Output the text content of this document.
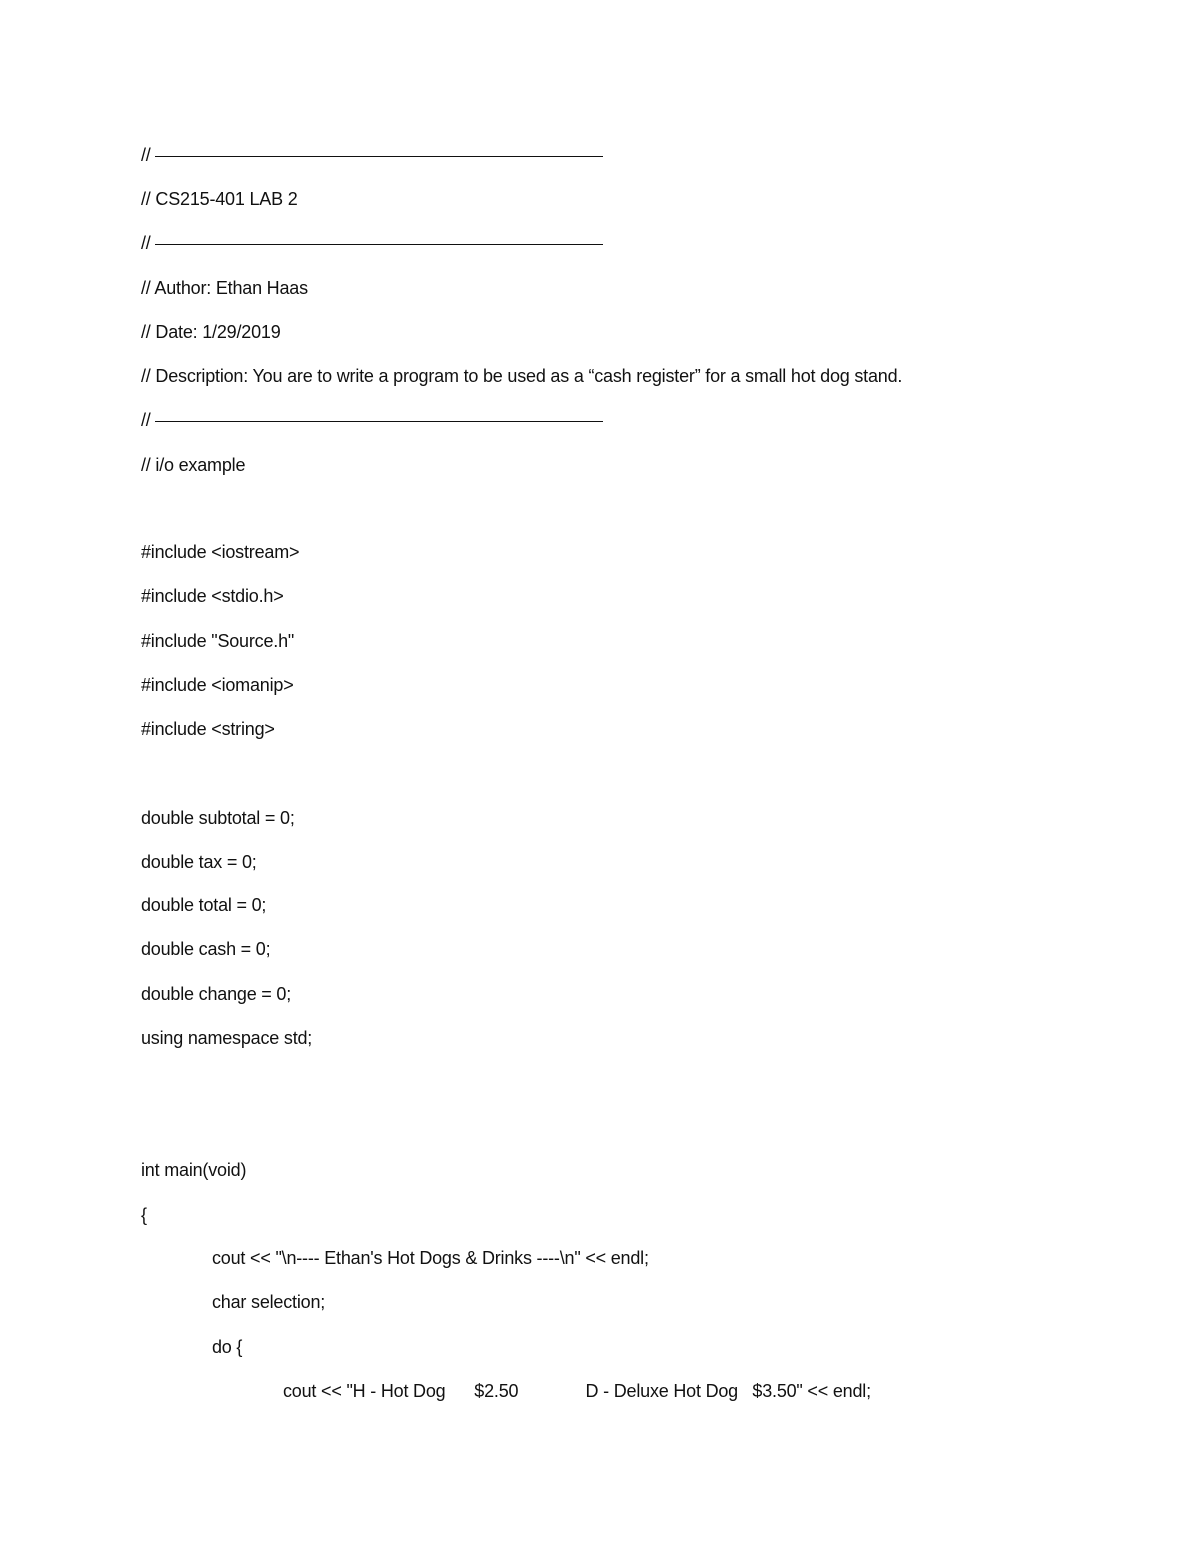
//
// CS215-401 LAB 2
//
// Author: Ethan Haas
// Date: 1/29/2019
// Description: You are to write a program to be used as a “cash register” for a small hot dog stand.
//
// i/o example
#include <iostream>
#include <stdio.h>
#include "Source.h"
#include <iomanip>
#include <string>
double subtotal = 0;
double tax = 0;
double total = 0;
double cash = 0;
double change = 0;
using namespace std;
int main(void)
{
cout << "\n---- Ethan's Hot Dogs & Drinks ----\n" << endl;
char selection;
do {
cout << "H - Hot Dog      $2.50              D - Deluxe Hot Dog   $3.50" << endl;
